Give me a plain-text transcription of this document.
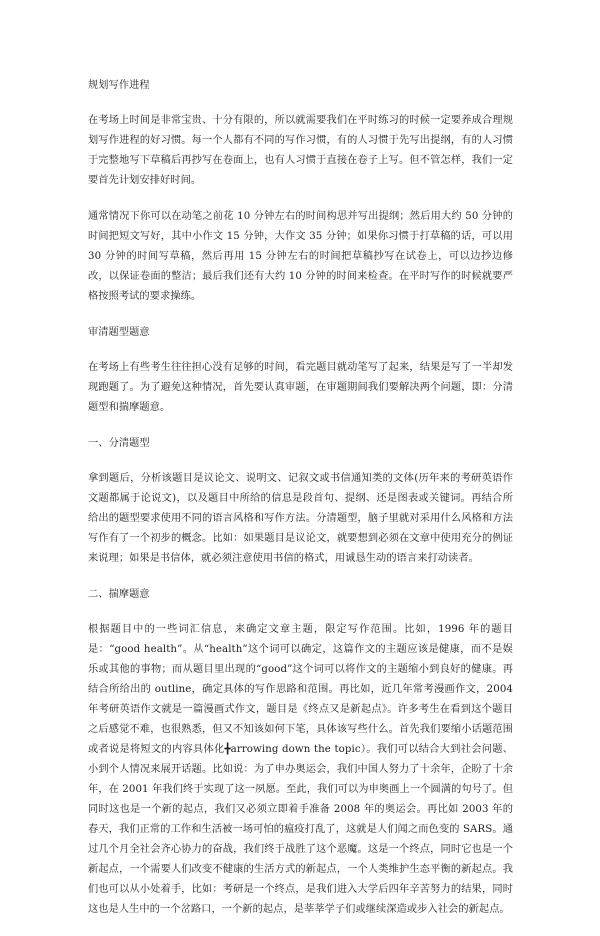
规划写作进程
在考场上时间是非常宝贵、十分有限的，所以就需要我们在平时练习的时候一定要养成合理规划写作进程的好习惯。每一个人都有不同的写作习惯，有的人习惯于先写出提纲，有的人习惯于完整地写下草稿后再抄写在卷面上，也有人习惯于直接在卷子上写。但不管怎样，我们一定要首先计划安排好时间。
通常情况下你可以在动笔之前花 10 分钟左右的时间构思并写出提纲；然后用大约 50 分钟的时间把短文写好，其中小作文 15 分钟，大作文 35 分钟；如果你习惯于打草稿的话，可以用 30 分钟的时间写草稿，然后再用 15 分钟左右的时间把草稿抄写在试卷上，可以边抄边修改，以保证卷面的整洁；最后我们还有大约 10 分钟的时间来检查。在平时写作的时候就要严格按照考试的要求操练。
审清题型题意
在考场上有些考生往往担心没有足够的时间，看完题目就动笔写了起来，结果是写了一半却发现跑题了。为了避免这种情况，首先要认真审题，在审题期间我们要解决两个问题，即：分清题型和揣摩题意。
一、分清题型
拿到题后，分析该题目是议论文、说明文、记叙文或书信通知类的文体(历年来的考研英语作文题都属于论说文)，以及题目中所给的信息是段首句、提纲、还是图表或关键词。再结合所给出的题型要求使用不同的语言风格和写作方法。分清题型，脑子里就对采用什么风格和方法写作有了一个初步的概念。比如：如果题目是议论文，就要想到必须在文章中使用充分的例证来说理；如果是书信体，就必须注意使用书信的格式，用诚恳生动的语言来打动读者。
二、揣摩题意
根据题目中的一些词汇信息，来确定文章主题，限定写作范围。比如，1996 年的题目是：“good health”。从“health”这个词可以确定，这篇作文的主题应该是健康，而不是娱乐或其他的事物；而从题目里出现的“good”这个词可以将作文的主题缩小到良好的健康。再结合所给出的 outline，确定具体的写作思路和范围。再比如，近几年常考漫画作文，2004 年考研英语作文就是一篇漫画式作文，题目是《终点又是新起点》。许多考生在看到这个题目之后感觉不难，也很熟悉，但又不知该如何下笔，具体该写些什么。首先我们要缩小话题范围或者说是将短文的内容具体化╋arrowing down the topic）。我们可以结合大到社会问题、小到个人情况来展开话题。比如说：为了申办奥运会，我们中国人努力了十余年，企盼了十余年，在 2001 年我们终于实现了这一夙愿。至此，我们可以为申奥画上一个圆满的句号了。但同时这也是一个新的起点，我们又必须立即着手准备 2008 年的奥运会。再比如 2003 年的春天，我们正常的工作和生活被一场可怕的瘟疫打乱了，这就是人们闻之而色变的 SARS。通过几个月全社会齐心协力的奋战，我们终于战胜了这个恶魔。这是一个终点，同时它也是一个新起点，一个需要人们改变不健康的生活方式的新起点，一个人类维护生态平衡的新起点。我们也可以从小处着手，比如：考研是一个终点，是我们进入大学后四年辛苦努力的结果，同时这也是人生中的一个岔路口，一个新的起点，是莘莘学子们或继续深造或步入社会的新起点。
